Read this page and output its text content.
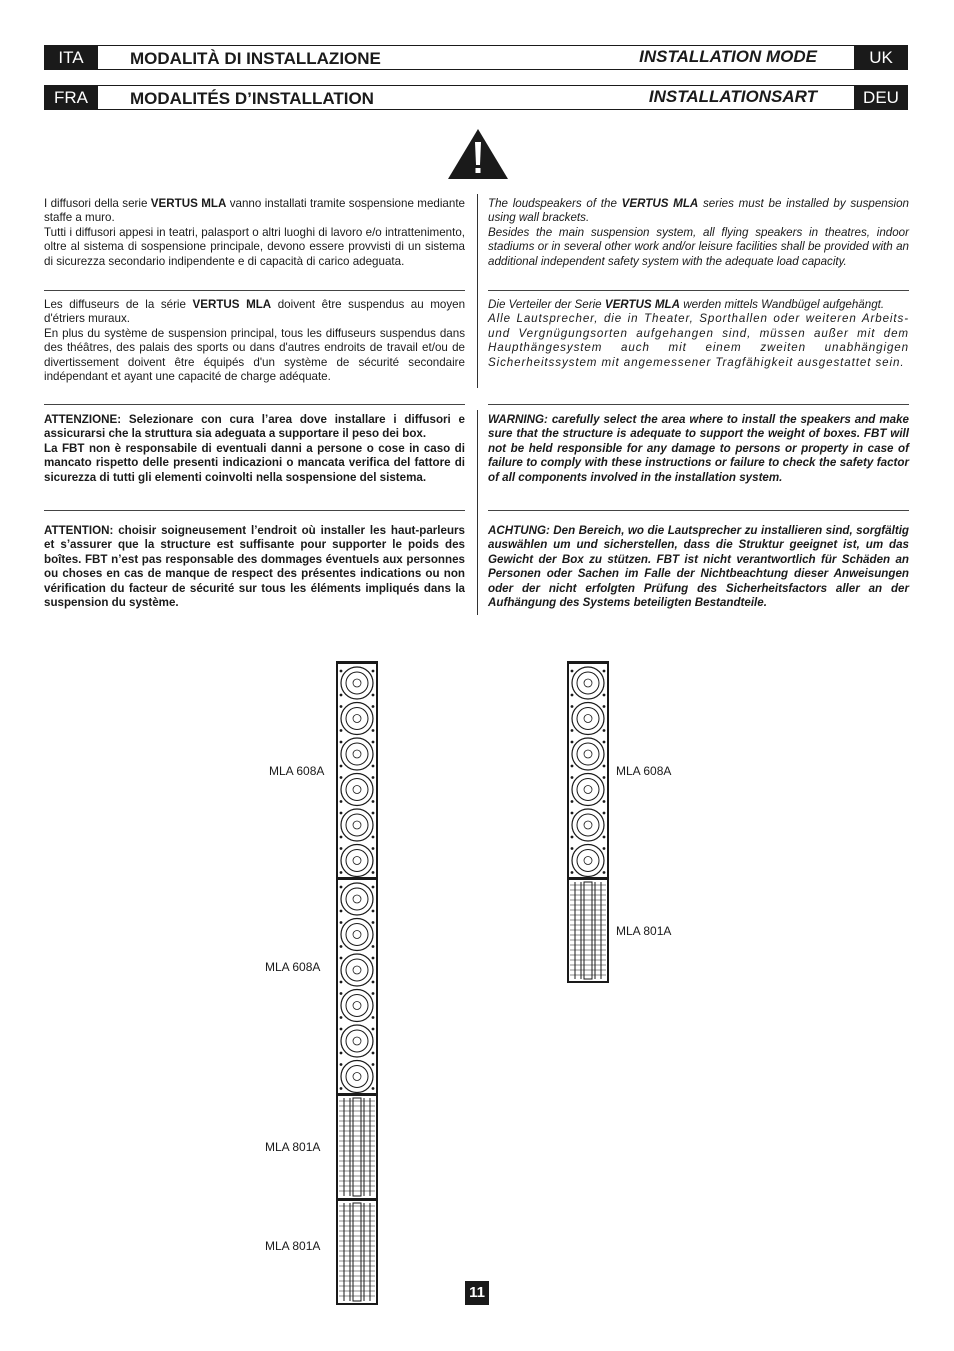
ITA	MODALITÀ DI INSTALLAZIONE	INSTALLATION MODE	UK
FRA	MODALITÉS D’INSTALLATION	INSTALLATIONSART	DEU

I diffusori della serie VERTUS MLA vanno installati tramite sospensione mediante staffe a muro.

Tutti i diffusori appesi in teatri, palasport o altri luoghi di lavoro e/o intrattenimento, oltre al sistema di sospensione principale, devono essere provvisti di un sistema di sicurezza secondario indipendente e di capacità di carico adeguata.

The loudspeakers of the VERTUS MLA series must be installed by suspension using wall brackets.

Besides the main suspension system, all flying speakers in theatres, indoor stadiums or in several other work and/or leisure facilities shall be provided with an additional independent safety system with the adequate load capacity.

Les diffuseurs de la série VERTUS MLA doivent être suspendus au moyen d'étriers muraux.

En plus du système de suspension principal, tous les diffuseurs suspendus dans des théâtres, des palais des sports ou dans d'autres endroits de travail et/ou de divertissement doivent être équipés d'un système de sécurité secondaire indépendant et ayant une capacité de charge adéquate.

Die Verteiler der Serie VERTUS MLA werden mittels Wandbügel aufgehängt.

Alle Lautsprecher, die in Theater, Sporthallen oder weiteren Arbeits-und Vergnügungsorten aufgehangen sind, müssen außer mit dem Haupthängesystem auch mit einem zweiten unabhängigen Sicherheitssystem mit angemessener Tragfähigkeit ausgestattet sein.

ATTENZIONE: Selezionare con cura l’area dove installare i diffusori e assicurarsi che la struttura sia adeguata a supportare il peso dei box.

La FBT non è responsabile di eventuali danni a persone o cose in caso di mancato rispetto delle presenti indicazioni o mancata verifica del fattore di sicurezza di tutti gli elementi coinvolti nella sospensione del sistema.

WARNING: carefully select the area where to install the speakers and make sure that the structure is adequate to support the weight of boxes. FBT will not be held responsible for any damage to persons or property in case of failure to comply with these instructions or failure to check the safety factor of all components involved in the installation system.

ATTENTION: choisir soigneusement l’endroit où installer les haut-parleurs et s’assurer que la structure est suffisante pour supporter le poids des boîtes. FBT n’est pas responsable des dommages éventuels aux personnes ou choses en cas de manque de respect des présentes indications ou non vérification du facteur de sécurité sur tous les éléments impliqués dans la suspension du système.

ACHTUNG: Den Bereich, wo die Lautsprecher zu installieren sind, sorgfältig auswählen um und sicherstellen, dass die Struktur geeignet ist, um das Gewicht der Box zu stützen. FBT ist nicht verantwortlich für Schäden an Personen oder Sachen im Falle der Nichtbeachtung dieser Anweisungen oder der nicht erfolgten Prüfung des Sicherheitsfactors aller an der Aufhängung des Systems beteiligten Bestandteile.

MLA 608A
MLA 608A
MLA 801A
MLA 801A
MLA 608A
MLA 801A
11
